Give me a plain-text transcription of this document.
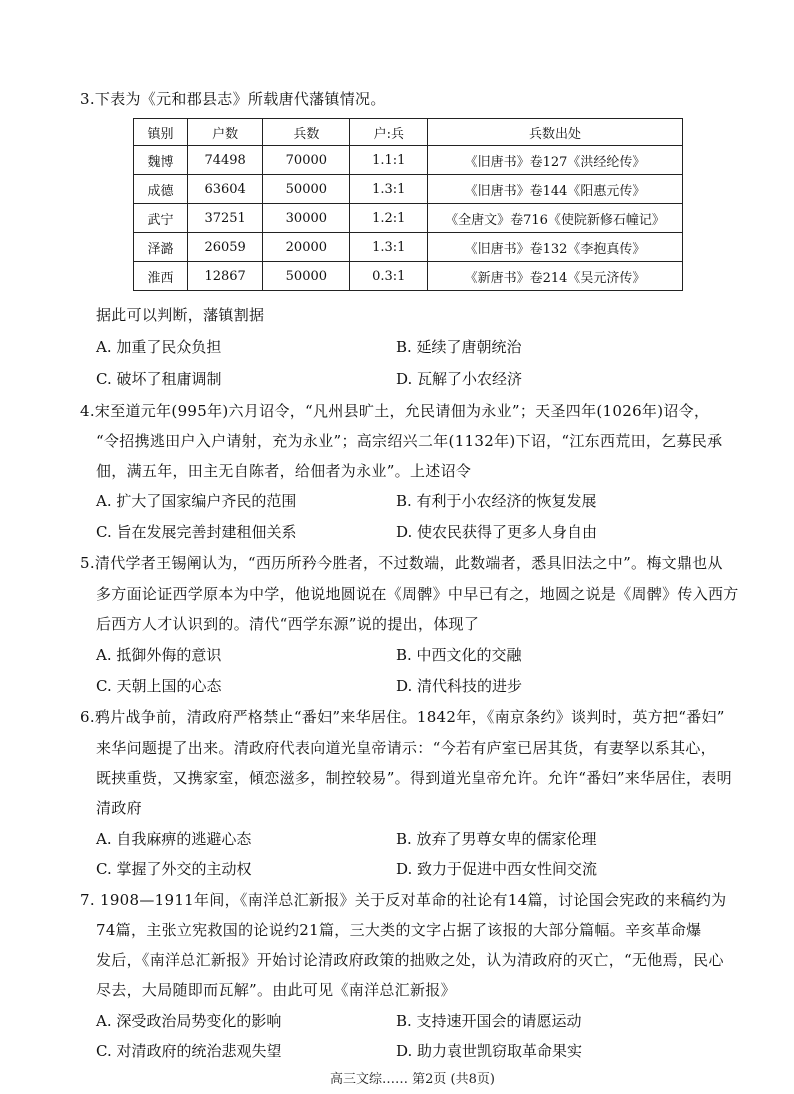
3.下表为《元和郡县志》所载唐代藩镇情况。
镇别	户数	兵数	户:兵	兵数出处
魏博	74498	70000	1.1:1	《旧唐书》卷127《洪经纶传》
成德	63604	50000	1.3:1	《旧唐书》卷144《阳惠元传》
武宁	37251	30000	1.2:1	《全唐文》卷716《使院新修石幢记》
泽潞	26059	20000	1.3:1	《旧唐书》卷132《李抱真传》
淮西	12867	50000	0.3:1	《新唐书》卷214《吴元济传》
据此可以判断，藩镇割据
A. 加重了民众负担	B. 延续了唐朝统治
C. 破坏了租庸调制	D. 瓦解了小农经济
4.宋至道元年(995年)六月诏令，“凡州县旷土，允民请佃为永业”；天圣四年(1026年)诏令，
“令招携逃田户入户请射，充为永业”；高宗绍兴二年(1132年)下诏，“江东西荒田，乞募民承
佃，满五年，田主无自陈者，给佃者为永业”。上述诏令
A. 扩大了国家编户齐民的范围	B. 有利于小农经济的恢复发展
C. 旨在发展完善封建租佃关系	D. 使农民获得了更多人身自由
5.清代学者王锡阐认为，“西历所矜今胜者，不过数端，此数端者，悉具旧法之中”。梅文鼎也从
多方面论证西学原本为中学，他说地圆说在《周髀》中早已有之，地圆之说是《周髀》传入西方
后西方人才认识到的。清代“西学东源”说的提出，体现了
A. 抵御外侮的意识	B. 中西文化的交融
C. 天朝上国的心态	D. 清代科技的进步
6.鸦片战争前，清政府严格禁止“番妇”来华居住。1842年，《南京条约》谈判时，英方把“番妇”
来华问题提了出来。清政府代表向道光皇帝请示：“今若有庐室已居其货，有妻孥以系其心，
既挟重赀，又携家室，傾恋滋多，制控较易”。得到道光皇帝允许。允许“番妇”来华居住，表明
清政府
A. 自我麻痹的逃避心态	B. 放弃了男尊女卑的儒家伦理
C. 掌握了外交的主动权	D. 致力于促进中西女性间交流
7. 1908—1911年间，《南洋总汇新报》关于反对革命的社论有14篇，讨论国会宪政的来稿约为
74篇，主张立宪救国的论说约21篇，三大类的文字占据了该报的大部分篇幅。辛亥革命爆
发后，《南洋总汇新报》开始讨论清政府政策的拙败之处，认为清政府的灭亡，“无他焉，民心
尽去，大局随即而瓦解”。由此可见《南洋总汇新报》
A. 深受政治局势变化的影响	B. 支持速开国会的请愿运动
C. 对清政府的统治悲观失望	D. 助力袁世凯窃取革命果实
高三文综…… 第2页 (共8页)
